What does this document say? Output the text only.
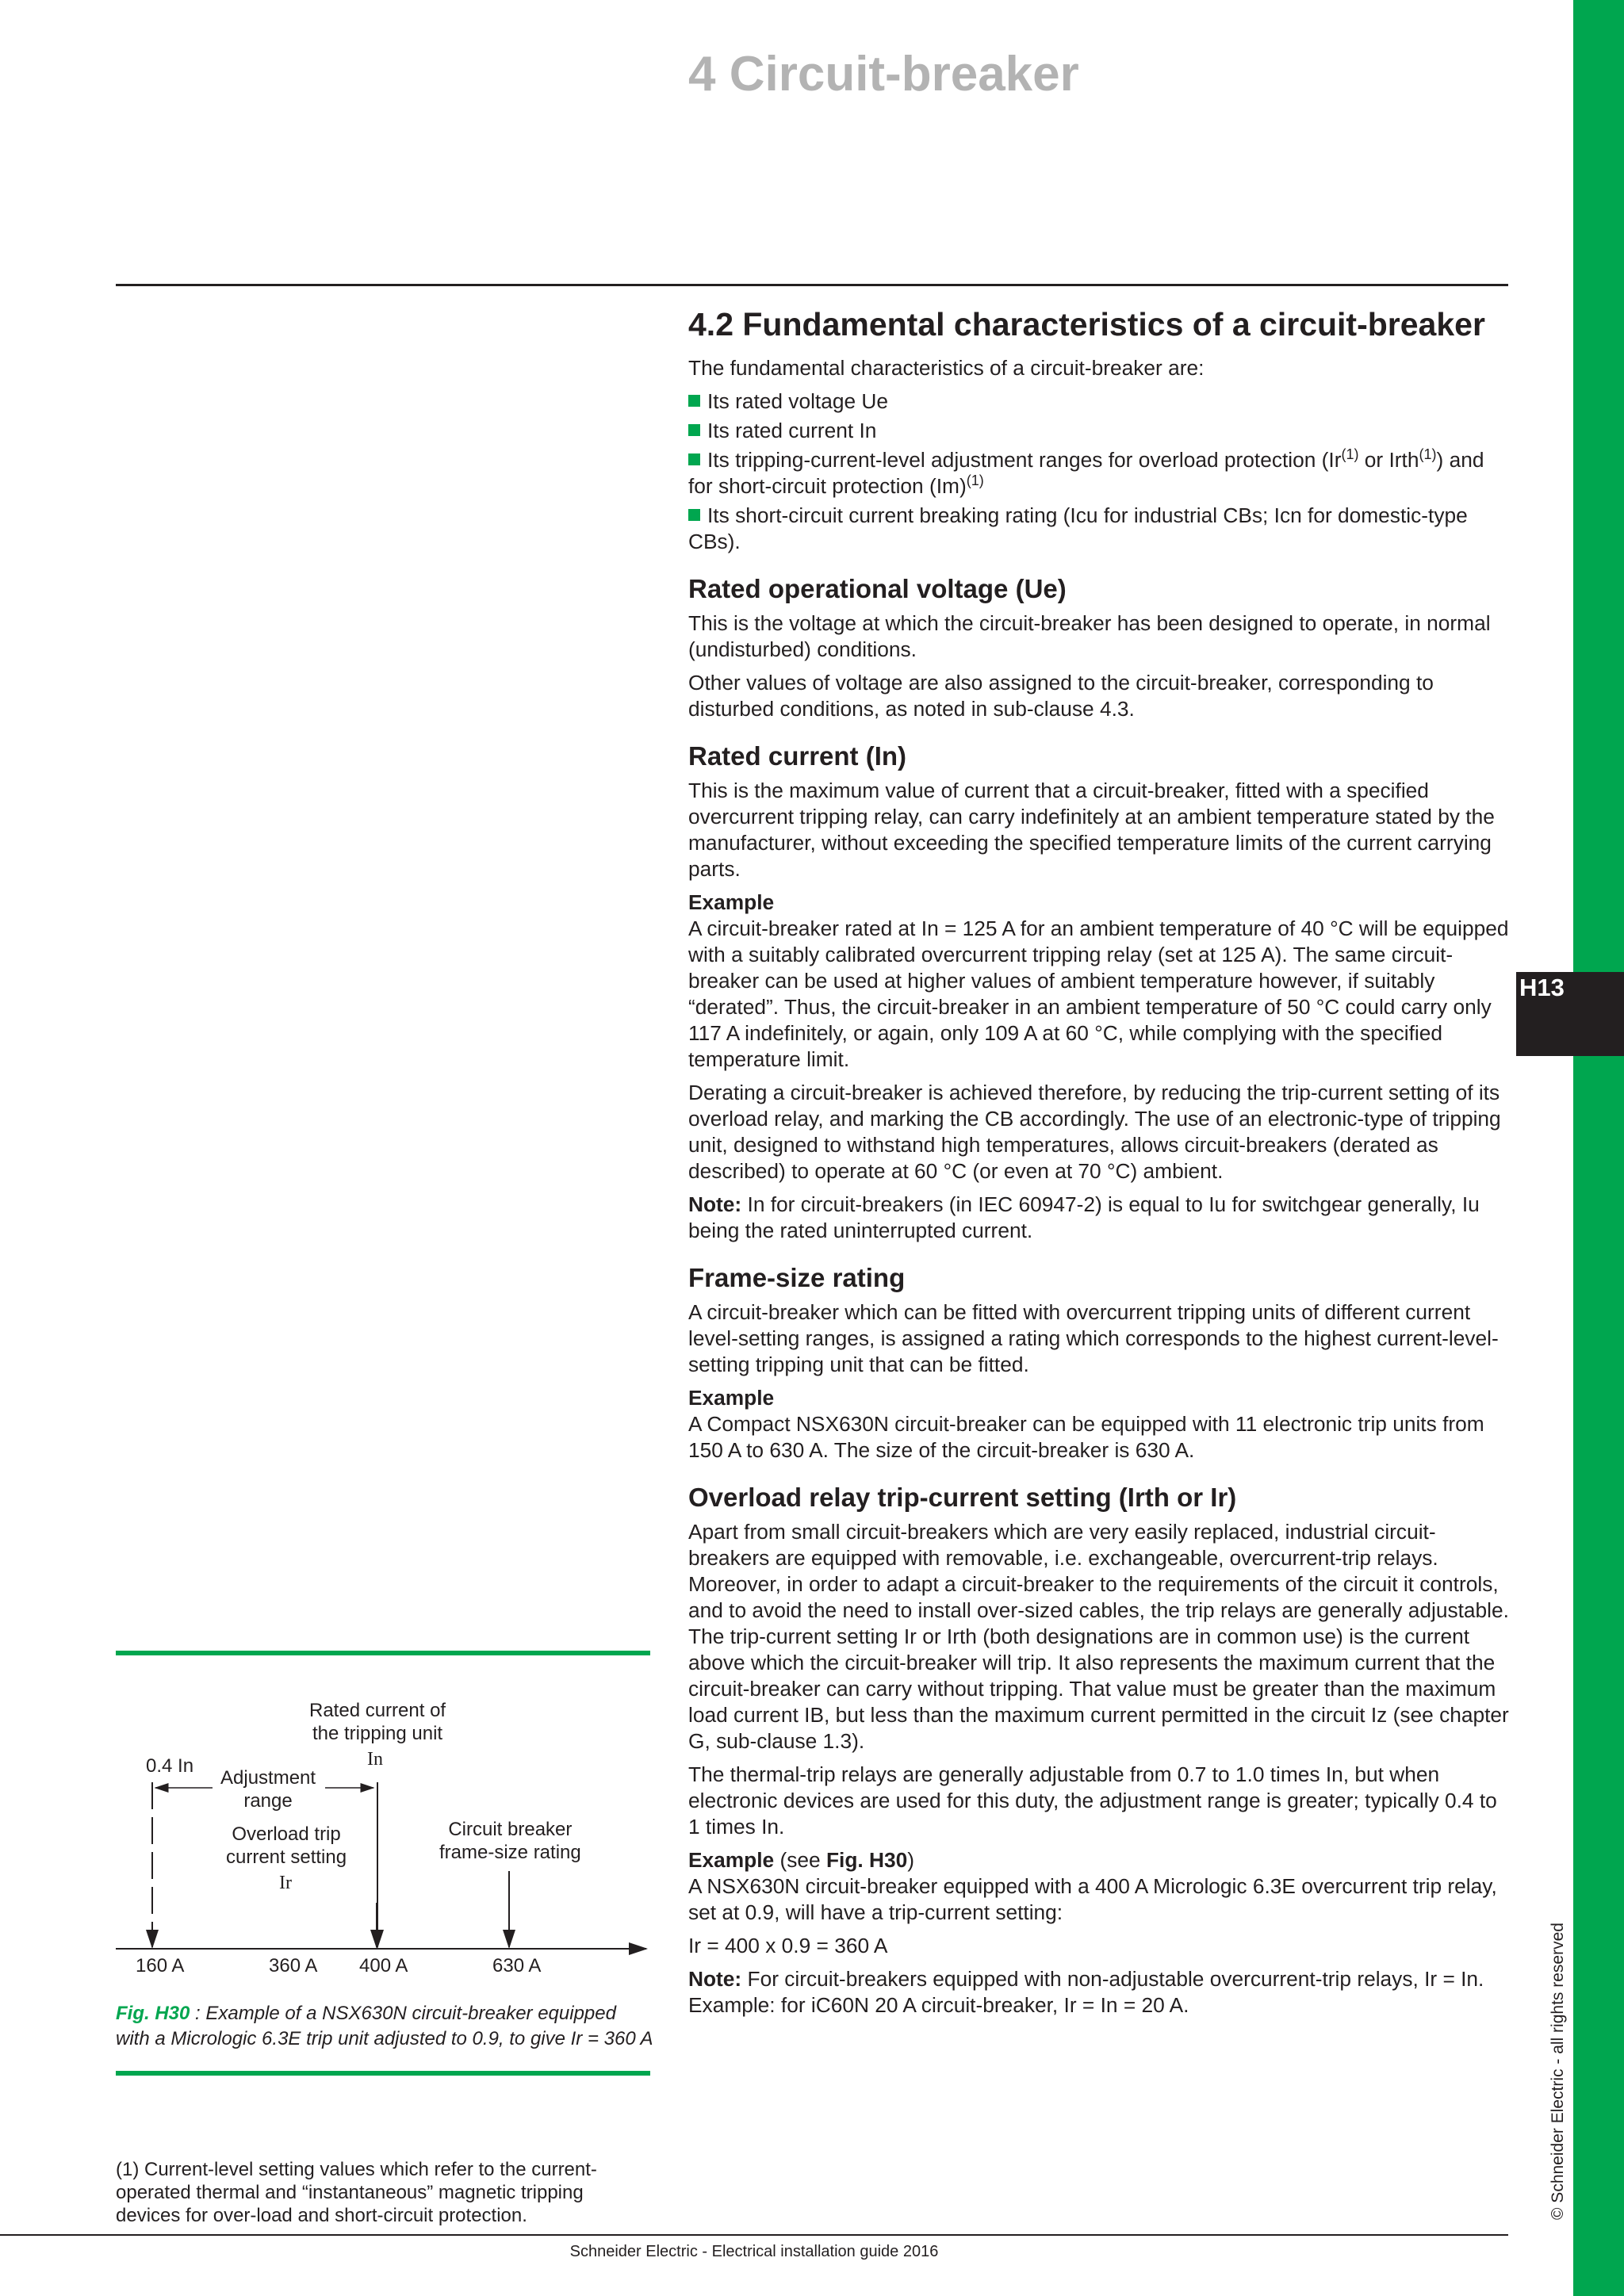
H13
© Schneider Electric - all rights reserved
4 Circuit-breaker
4.2 Fundamental characteristics of a circuit-breaker

The fundamental characteristics of a circuit-breaker are:

Its rated voltage Ue
Its rated current In
Its tripping-current-level adjustment ranges for overload protection (Ir$^{(1)}$ or Irth$^{(1)}$) and for short-circuit protection $(Im)^{(1)}$
Its short-circuit current breaking rating (Icu for industrial CBs; Icn for domestic-type CBs).
Rated operational voltage (Ue)

This is the voltage at which the circuit-breaker has been designed to operate, in normal (undisturbed) conditions.

Other values of voltage are also assigned to the circuit-breaker, corresponding to disturbed conditions, as noted in sub-clause 4.3.

Rated current (In)

This is the maximum value of current that a circuit-breaker, fitted with a specified overcurrent tripping relay, can carry indefinitely at an ambient temperature stated by the manufacturer, without exceeding the specified temperature limits of the current carrying parts.

Example

A circuit-breaker rated at In = 125 A for an ambient temperature of 40 °C will be equipped with a suitably calibrated overcurrent tripping relay (set at 125 A). The same circuit-breaker can be used at higher values of ambient temperature however, if suitably “derated”. Thus, the circuit-breaker in an ambient temperature of 50 °C could carry only 117 A indefinitely, or again, only 109 A at 60 °C, while complying with the specified temperature limit.

Derating a circuit-breaker is achieved therefore, by reducing the trip-current setting of its overload relay, and marking the CB accordingly. The use of an electronic-type of tripping unit, designed to withstand high temperatures, allows circuit-breakers (derated as described) to operate at 60 °C (or even at 70 °C) ambient.

Note: In for circuit-breakers (in IEC 60947-2) is equal to Iu for switchgear generally, Iu being the rated uninterrupted current.

Frame-size rating

A circuit-breaker which can be fitted with overcurrent tripping units of different current level-setting ranges, is assigned a rating which corresponds to the highest current-level-setting tripping unit that can be fitted.

Example

A Compact NSX630N circuit-breaker can be equipped with 11 electronic trip units from 150 A to 630 A. The size of the circuit-breaker is 630 A.

Overload relay trip-current setting (Irth or Ir)

Apart from small circuit-breakers which are very easily replaced, industrial circuit-breakers are equipped with removable, i.e. exchangeable, overcurrent-trip relays. Moreover, in order to adapt a circuit-breaker to the requirements of the circuit it controls, and to avoid the need to install over-sized cables, the trip relays are generally adjustable. The trip-current setting Ir or Irth (both designations are in common use) is the current above which the circuit-breaker will trip. It also represents the maximum current that the circuit-breaker can carry without tripping. That value must be greater than the maximum load current IB, but less than the maximum current permitted in the circuit Iz (see chapter G, sub-clause 1.3).

The thermal-trip relays are generally adjustable from 0.7 to 1.0 times In, but when electronic devices are used for this duty, the adjustment range is greater; typically 0.4 to 1 times In.

Example (see Fig. H30)

A NSX630N circuit-breaker equipped with a 400 A Micrologic 6.3E overcurrent trip relay, set at 0.9, will have a trip-current setting:

Ir = 400 x 0.9 = 360 A

Note: For circuit-breakers equipped with non-adjustable overcurrent-trip relays, Ir = In. Example: for iC60N 20 A circuit-breaker, Ir = In = 20 A.

Rated current of
the tripping unit
In
0.4 In
Adjustment
range
Overload trip
current setting
Ir
Circuit breaker
frame-size rating
160 A	360 A 400 A	630 A
Fig. H30 : Example of a NSX630N circuit-breaker equipped with a Micrologic 6.3E trip unit adjusted to 0.9, to give Ir = 360 A
(1) Current-level setting values which refer to the current-operated thermal and “instantaneous” magnetic tripping devices for over-load and short-circuit protection.
Schneider Electric - Electrical installation guide 2016
